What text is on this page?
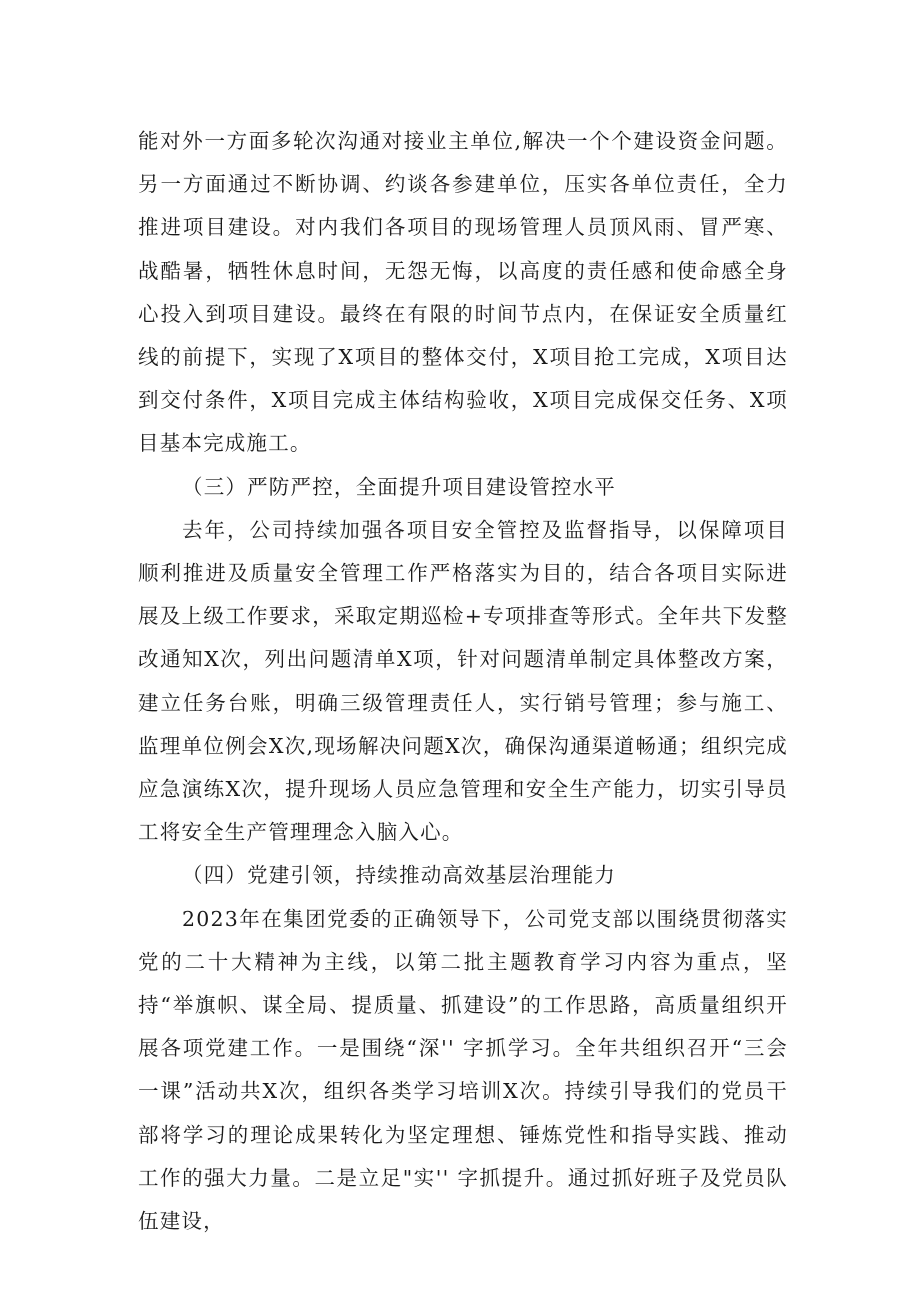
能对外一方面多轮次沟通对接业主单位,解决一个个建设资金问题。另一方面通过不断协调、约谈各参建单位，压实各单位责任，全力推进项目建设。对内我们各项目的现场管理人员顶风雨、冒严寒、战酷暑，牺牲休息时间，无怨无悔，以高度的责任感和使命感全身心投入到项目建设。最终在有限的时间节点内，在保证安全质量红线的前提下，实现了X项目的整体交付，X项目抢工完成，X项目达到交付条件，X项目完成主体结构验收，X项目完成保交任务、X项目基本完成施工。

（三）严防严控，全面提升项目建设管控水平

去年，公司持续加强各项目安全管控及监督指导，以保障项目顺利推进及质量安全管理工作严格落实为目的，结合各项目实际进展及上级工作要求，采取定期巡检+专项排查等形式。全年共下发整改通知X次，列出问题清单X项，针对问题清单制定具体整改方案，建立任务台账，明确三级管理责任人，实行销号管理；参与施工、监理单位例会X次,现场解决问题X次，确保沟通渠道畅通；组织完成应急演练X次，提升现场人员应急管理和安全生产能力，切实引导员工将安全生产管理理念入脑入心。

（四）党建引领，持续推动高效基层治理能力

2023年在集团党委的正确领导下，公司党支部以围绕贯彻落实党的二十大精神为主线，以第二批主题教育学习内容为重点，坚持“举旗帜、谋全局、提质量、抓建设”的工作思路，高质量组织开展各项党建工作。一是围绕“深'' 字抓学习。全年共组织召开“三会一课”活动共X次，组织各类学习培训X次。持续引导我们的党员干部将学习的理论成果转化为坚定理想、锤炼党性和指导实践、推动工作的强大力量。二是立足"实'' 字抓提升。通过抓好班子及党员队伍建设，
